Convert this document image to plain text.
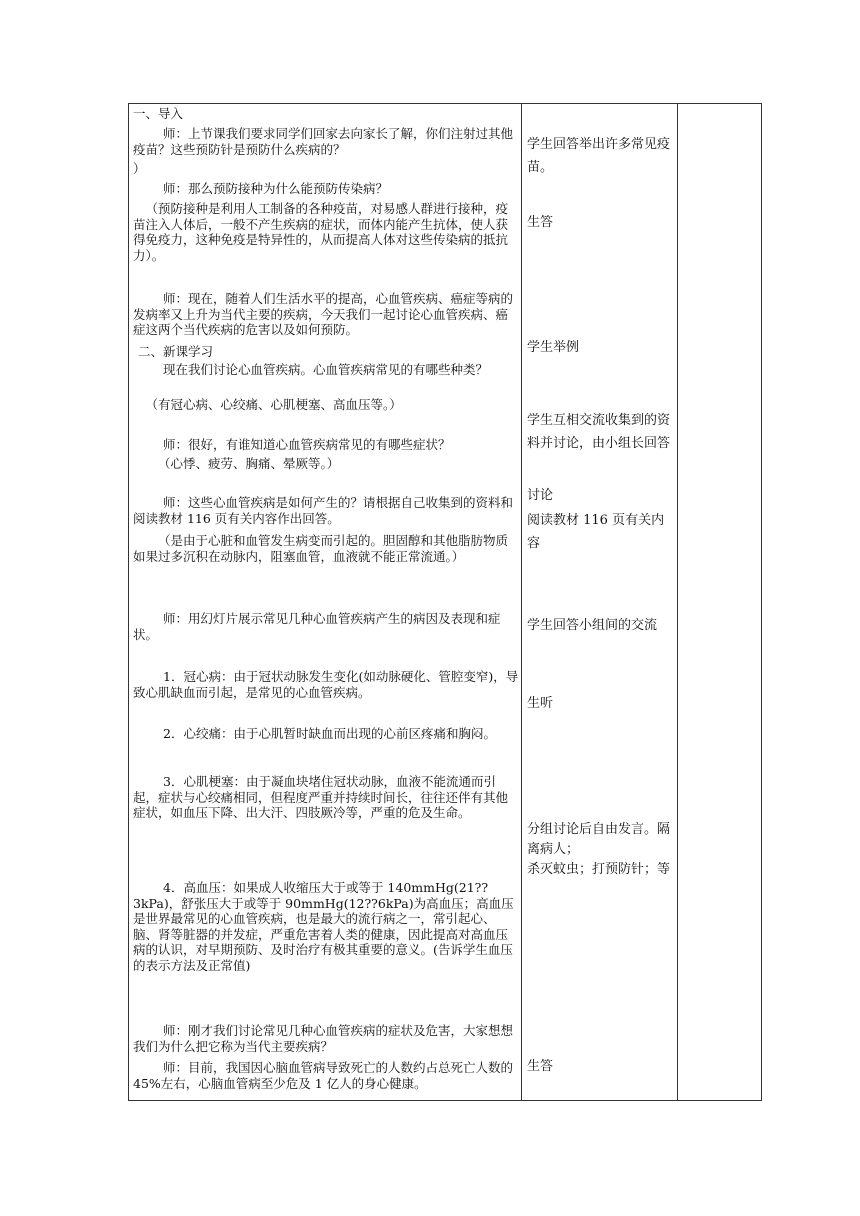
一、导入
师：上节课我们要求同学们回家去向家长了解，你们注射过其他疫苗？这些预防针是预防什么疾病的？
）
师：那么预防接种为什么能预防传染病？
（预防接种是利用人工制备的各种疫苗，对易感人群进行接种，疫苗注入人体后，一般不产生疾病的症状，而体内能产生抗体，使人获得免疫力，这种免疫是特异性的，从而提高人体对这些传染病的抵抗力）。
师：现在，随着人们生活水平的提高，心血管疾病、癌症等病的发病率又上升为当代主要的疾病，今天我们一起讨论心血管疾病、癌症这两个当代疾病的危害以及如何预防。
二、新课学习
现在我们讨论心血管疾病。心血管疾病常见的有哪些种类？
（有冠心病、心绞痛、心肌梗塞、高血压等。）
师：很好，有谁知道心血管疾病常见的有哪些症状？
（心悸、疲劳、胸痛、晕厥等。）
师：这些心血管疾病是如何产生的？请根据自己收集到的资料和阅读教材 116 页有关内容作出回答。
（是由于心脏和血管发生病变而引起的。胆固醇和其他脂肪物质如果过多沉积在动脉内，阻塞血管，血液就不能正常流通。）
师：用幻灯片展示常见几种心血管疾病产生的病因及表现和症状。
1．冠心病：由于冠状动脉发生变化(如动脉硬化、管腔变窄)，导致心肌缺血而引起，是常见的心血管疾病。
2．心绞痛：由于心肌暂时缺血而出现的心前区疼痛和胸闷。
3．心肌梗塞：由于凝血块堵住冠状动脉，血液不能流通而引起，症状与心绞痛相同，但程度严重并持续时间长，往往还伴有其他症状，如血压下降、出大汗、四肢厥冷等，严重的危及生命。
4．高血压：如果成人收缩压大于或等于 140mmHg(21??3kPa)，舒张压大于或等于 90mmHg(12??6kPa)为高血压；高血压是世界最常见的心血管疾病，也是最大的流行病之一，常引起心、脑、肾等脏器的并发症，严重危害着人类的健康，因此提高对高血压病的认识，对早期预防、及时治疗有极其重要的意义。(告诉学生血压的表示方法及正常值)
师：刚才我们讨论常见几种心血管疾病的症状及危害，大家想想我们为什么把它称为当代主要疾病？
师：目前，我国因心脑血管病导致死亡的人数约占总死亡人数的 45%左右，心脑血管病至少危及 1 亿人的身心健康。
学生回答举出许多常见疫苗。
生答
学生举例
学生互相交流收集到的资料并讨论，由小组长回答
讨论
阅读教材 116 页有关内容
学生回答小组间的交流
生听
分组讨论后自由发言。隔离病人；
杀灭蚊虫；打预防针；等
生答
